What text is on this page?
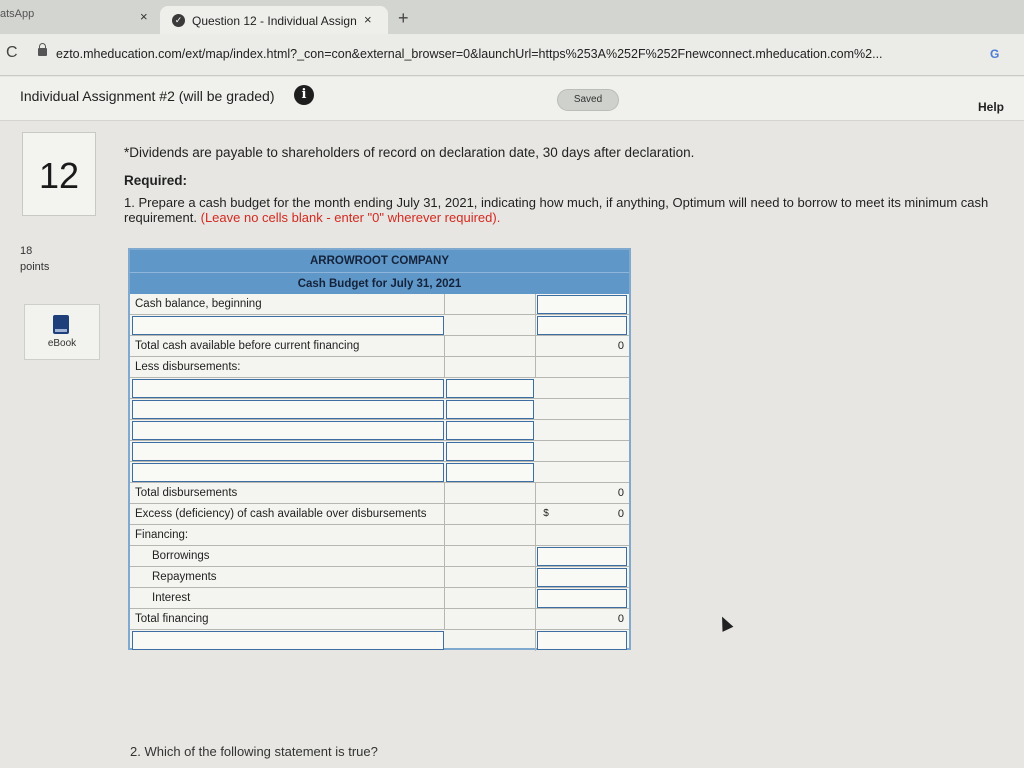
atsApp	×	✓ Question 12 - Individual Assign × +
C	ezto.mheducation.com/ext/map/index.html?_con=con&external_browser=0&launchUrl=https%253A%252F%252Fnewconnect.mheducation.com%2...	G
Individual Assignment #2 (will be graded)	i	Saved
Help
12
18
points
eBook
*Dividends are payable to shareholders of record on declaration date, 30 days after declaration.
Required:
1. Prepare a cash budget for the month ending July 31, 2021, indicating how much, if anything, Optimum will need to borrow to meet its minimum cash requirement. (Leave no cells blank - enter "0" wherever required).
ARROWROOT COMPANY
Cash Budget for July 31, 2021
Cash balance, beginning
Total cash available before current financing	0
Less disbursements:
Total disbursements	0
Excess (deficiency) of cash available over disbursements	$	0
Financing:
Borrowings
Repayments
Interest
Total financing	0
2. Which of the following statement is true?
